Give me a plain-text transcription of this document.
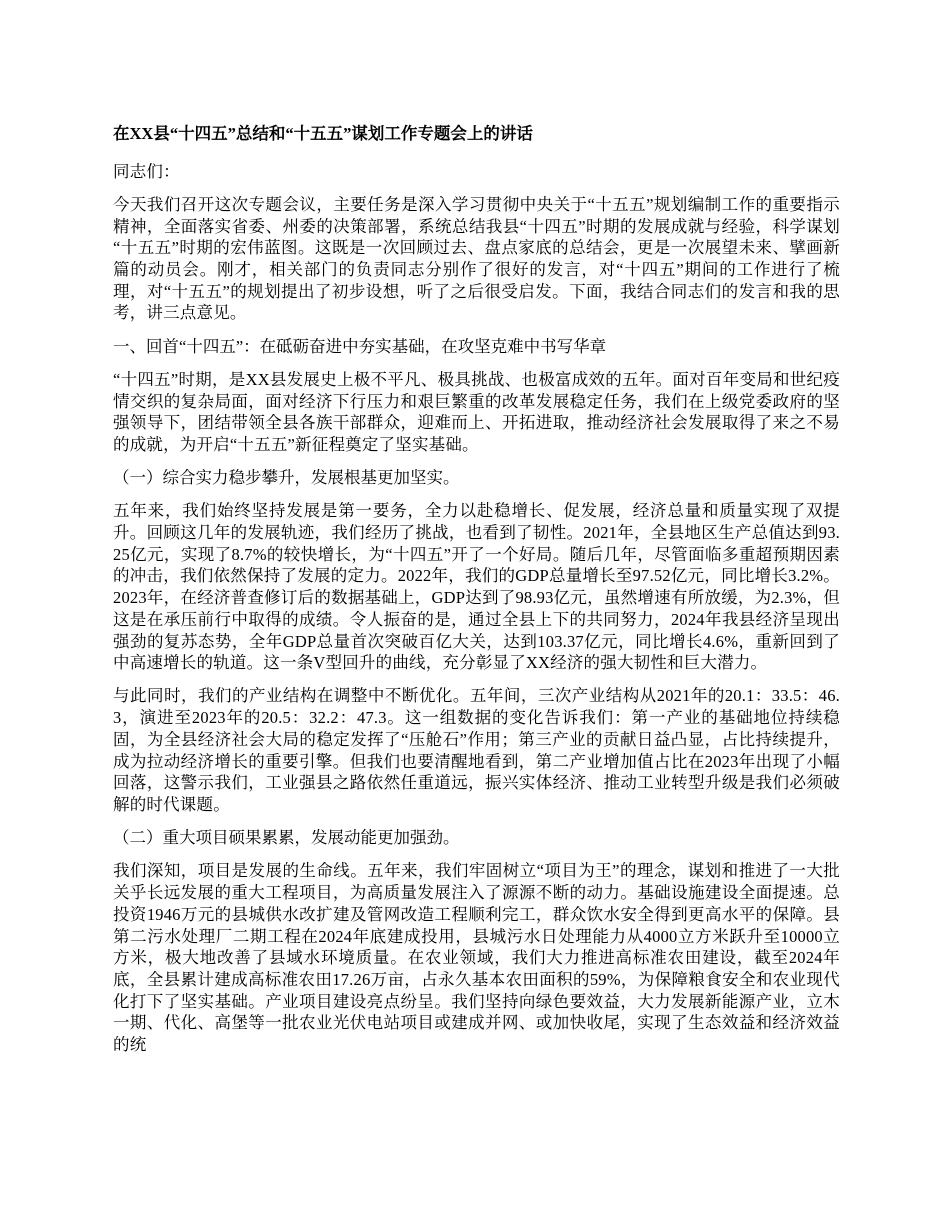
在XX县“十四五”总结和“十五五”谋划工作专题会上的讲话

同志们：

今天我们召开这次专题会议，主要任务是深入学习贯彻中央关于“十五五”规划编制工作的重要指示精神，全面落实省委、州委的决策部署，系统总结我县“十四五”时期的发展成就与经验，科学谋划“十五五”时期的宏伟蓝图。这既是一次回顾过去、盘点家底的总结会，更是一次展望未来、擘画新篇的动员会。刚才，相关部门的负责同志分别作了很好的发言，对“十四五”期间的工作进行了梳理，对“十五五”的规划提出了初步设想，听了之后很受启发。下面，我结合同志们的发言和我的思考，讲三点意见。

一、回首“十四五”：在砥砺奋进中夯实基础，在攻坚克难中书写华章

“十四五”时期，是XX县发展史上极不平凡、极具挑战、也极富成效的五年。面对百年变局和世纪疫情交织的复杂局面，面对经济下行压力和艰巨繁重的改革发展稳定任务，我们在上级党委政府的坚强领导下，团结带领全县各族干部群众，迎难而上、开拓进取，推动经济社会发展取得了来之不易的成就，为开启“十五五”新征程奠定了坚实基础。

（一）综合实力稳步攀升，发展根基更加坚实。

五年来，我们始终坚持发展是第一要务，全力以赴稳增长、促发展，经济总量和质量实现了双提升。回顾这几年的发展轨迹，我们经历了挑战，也看到了韧性。2021年，全县地区生产总值达到93.25亿元，实现了8.7%的较快增长，为“十四五”开了一个好局。随后几年，尽管面临多重超预期因素的冲击，我们依然保持了发展的定力。2022年，我们的GDP总量增长至97.52亿元，同比增长3.2%。2023年，在经济普查修订后的数据基础上，GDP达到了98.93亿元，虽然增速有所放缓，为2.3%，但这是在承压前行中取得的成绩。令人振奋的是，通过全县上下的共同努力，2024年我县经济呈现出强劲的复苏态势，全年GDP总量首次突破百亿大关，达到103.37亿元，同比增长4.6%，重新回到了中高速增长的轨道。这一条V型回升的曲线，充分彰显了XX经济的强大韧性和巨大潜力。

与此同时，我们的产业结构在调整中不断优化。五年间，三次产业结构从2021年的20.1：33.5：46.3，演进至2023年的20.5：32.2：47.3。这一组数据的变化告诉我们：第一产业的基础地位持续稳固，为全县经济社会大局的稳定发挥了“压舱石”作用；第三产业的贡献日益凸显，占比持续提升，成为拉动经济增长的重要引擎。但我们也要清醒地看到，第二产业增加值占比在2023年出现了小幅回落，这警示我们，工业强县之路依然任重道远，振兴实体经济、推动工业转型升级是我们必须破解的时代课题。

（二）重大项目硕果累累，发展动能更加强劲。

我们深知，项目是发展的生命线。五年来，我们牢固树立“项目为王”的理念，谋划和推进了一大批关乎长远发展的重大工程项目，为高质量发展注入了源源不断的动力。基础设施建设全面提速。总投资1946万元的县城供水改扩建及管网改造工程顺利完工，群众饮水安全得到更高水平的保障。县第二污水处理厂二期工程在2024年底建成投用，县城污水日处理能力从4000立方米跃升至10000立方米，极大地改善了县域水环境质量。在农业领域，我们大力推进高标准农田建设，截至2024年底，全县累计建成高标准农田17.26万亩，占永久基本农田面积的59%，为保障粮食安全和农业现代化打下了坚实基础。产业项目建设亮点纷呈。我们坚持向绿色要效益，大力发展新能源产业，立木一期、代化、高堡等一批农业光伏电站项目或建成并网、或加快收尾，实现了生态效益和经济效益的统
